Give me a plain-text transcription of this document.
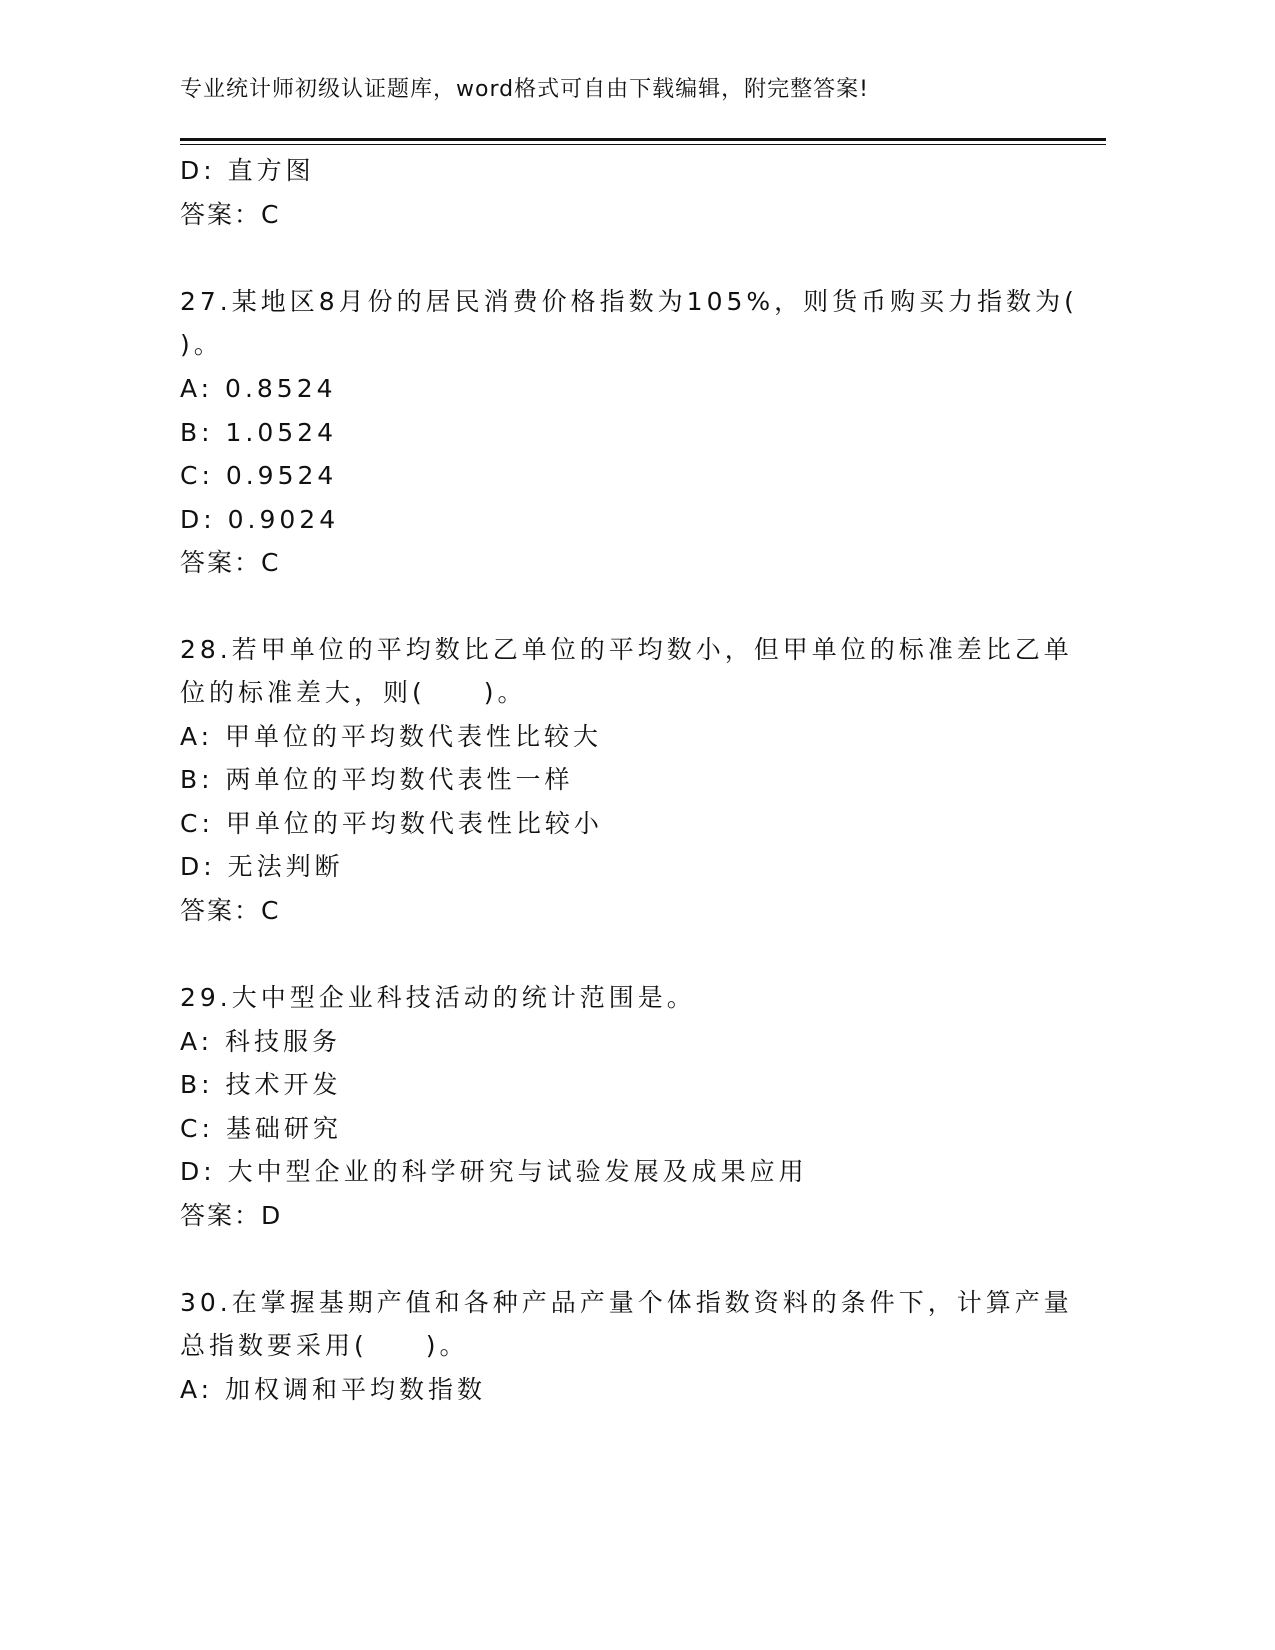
专业统计师初级认证题库，word格式可自由下载编辑，附完整答案!
D: 直方图
答案：C
27.某地区8月份的居民消费价格指数为105%，则货币购买力指数为(
)。
A: 0.8524
B: 1.0524
C: 0.9524
D: 0.9024
答案：C
28.若甲单位的平均数比乙单位的平均数小，但甲单位的标准差比乙单
位的标准差大，则(　　)。
A: 甲单位的平均数代表性比较大
B: 两单位的平均数代表性一样
C: 甲单位的平均数代表性比较小
D: 无法判断
答案：C
29.大中型企业科技活动的统计范围是。
A: 科技服务
B: 技术开发
C: 基础研究
D: 大中型企业的科学研究与试验发展及成果应用
答案：D
30.在掌握基期产值和各种产品产量个体指数资料的条件下，计算产量
总指数要采用(　　)。
A: 加权调和平均数指数
